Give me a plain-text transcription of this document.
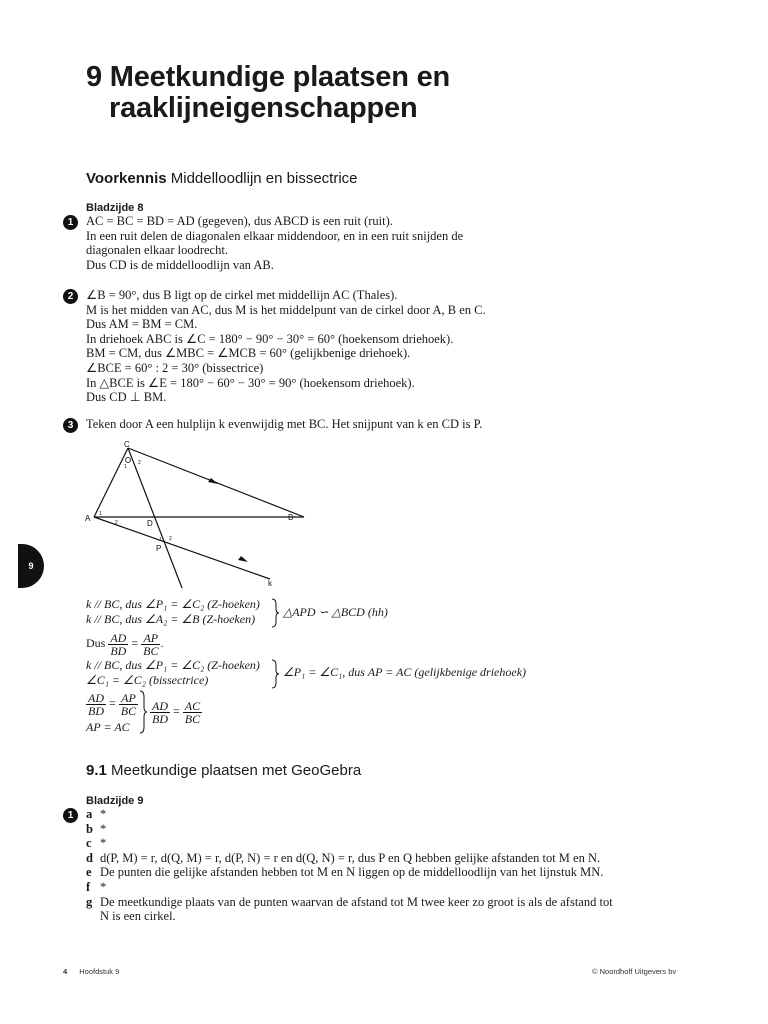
9 Meetkundige plaatsen en
raaklijneigenschappen
Voorkennis Middelloodlijn en bissectrice
Bladzijde 8
1	AC = BC = BD = AD (gegeven), dus ABCD is een ruit (ruit).
In een ruit delen de diagonalen elkaar middendoor, en in een ruit snijden de
diagonalen elkaar loodrecht.
Dus CD is de middelloodlijn van AB.
2	∠B = 90°, dus B ligt op de cirkel met middellijn AC (Thales).
M is het midden van AC, dus M is het middelpunt van de cirkel door A, B en C.
Dus AM = BM = CM.
In driehoek ABC is ∠C = 180° − 90° − 30° = 60° (hoekensom driehoek).
BM = CM, dus ∠MBC = ∠MCB = 60° (gelijkbenige driehoek).
∠BCE = 60° : 2 = 30° (bissectrice)
In △BCE is ∠E = 180° − 60° − 30° = 90° (hoekensom driehoek).
Dus CD ⊥ BM.
3	Teken door A een hulplijn k evenwijdig met BC. Het snijpunt van k en CD is P.
C
A	B
D
P
k
1
2
1
2
1 2
k // BC, dus ∠P₁ = ∠C₂ (Z-hoeken)
k // BC, dus ∠A₂ = ∠B (Z-hoeken) △APD ∽ △BCD (hh)
Dus $\frac{AD}{BD} = \frac{AP}{BC}$ .
k // BC, dus ∠P₁ = ∠C₂ (Z-hoeken)
∠C₁ = ∠C₂ (bissectrice)
∠P₁ = ∠C₁, dus AP = AC (gelijkbenige driehoek)
$\frac{AD}{BD} = \frac{AP}{BC}$
AP = AC
$\frac{AD}{BD} = \frac{AC}{BC}$
9.1 Meetkundige plaatsen met GeoGebra
Bladzijde 9
1	a *
b *
c *
d d(P, M) = r, d(Q, M) = r, d(P, N) = r en d(Q, N) = r, dus P en Q hebben gelijke afstanden tot M en N.
e De punten die gelijke afstanden hebben tot M en N liggen op de middelloodlijn van het lijnstuk MN.
f *
g De meetkundige plaats van de punten waarvan de afstand tot M twee keer zo groot is als de afstand tot
N is een cirkel.
9
4 Hoofdstuk 9	© Noordhoff Uitgevers bv
